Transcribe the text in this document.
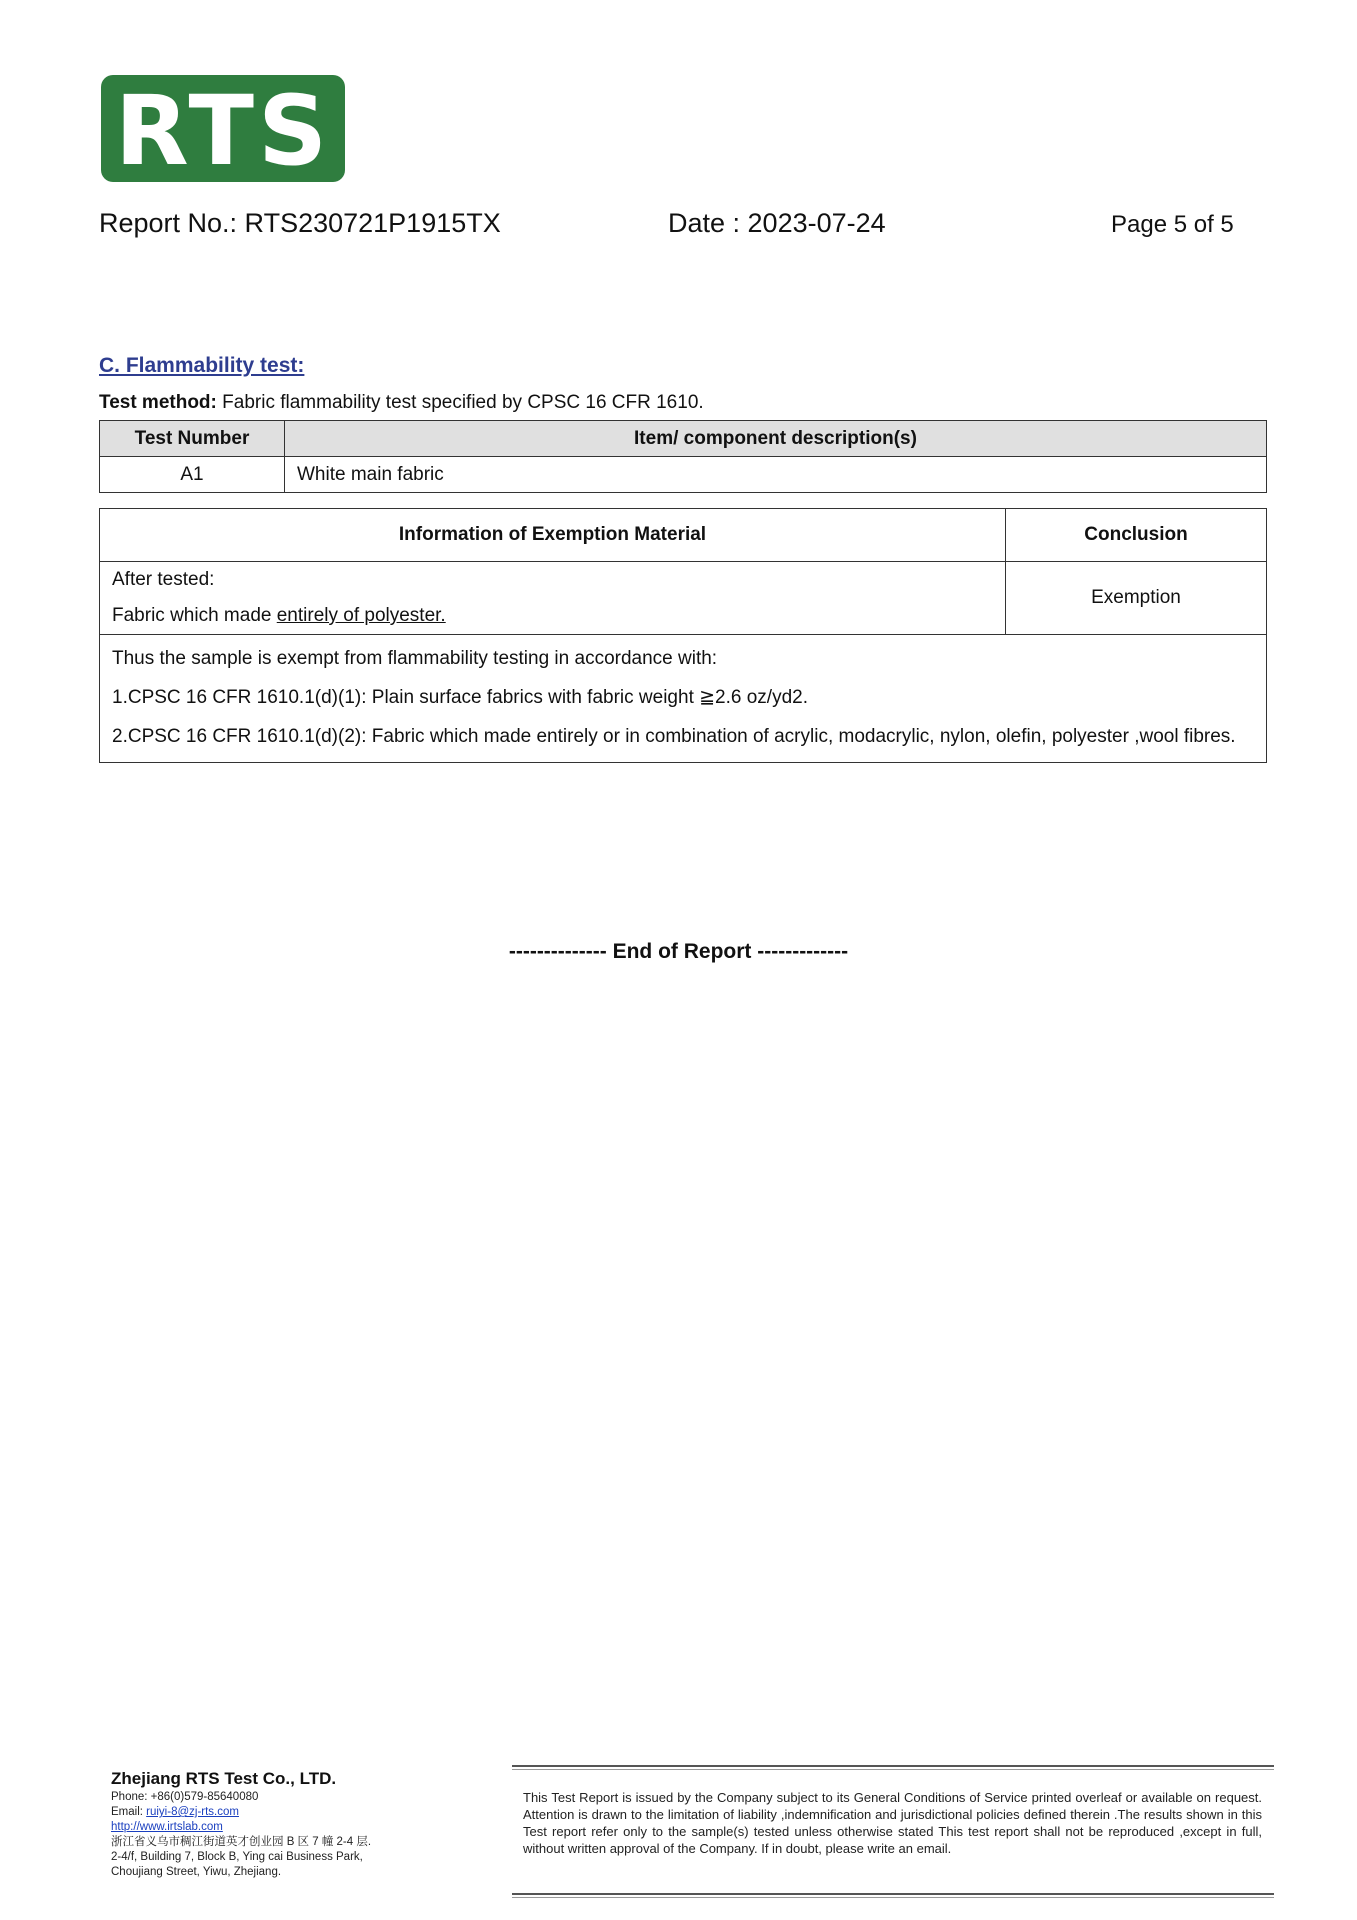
RTS
Report No.: RTS230721P1915TX	Date : 2023-07-24	Page 5 of 5
C. Flammability test:
Test method: Fabric flammability test specified by CPSC 16 CFR 1610.
Test Number	Item/ component description(s)
A1	White main fabric
Information of Exemption Material	Conclusion

After tested:
Fabric which made entirely of polyester.	Exemption

Thus the sample is exempt from flammability testing in accordance with:
1.CPSC 16 CFR 1610.1(d)(1): Plain surface fabrics with fabric weight ≧2.6 oz/yd2.
2.CPSC 16 CFR 1610.1(d)(2): Fabric which made entirely or in combination of acrylic, modacrylic, nylon, olefin, polyester ,wool fibres.	
-------------- End of Report -------------
Zhejiang RTS Test Co., LTD.
Phone: +86(0)579-85640080
Email: ruiyi-8@zj-rts.com
http://www.irtslab.com
浙江省义乌市稠江街道英才创业园 B 区 7 幢 2-4 层.
2-4/f, Building 7, Block B, Ying cai Business Park,
Choujiang Street, Yiwu, Zhejiang.
This Test Report is issued by the Company subject to its General Conditions of Service printed overleaf or available on request. Attention is drawn to the limitation of liability ,indemnification and jurisdictional policies defined therein .The results shown in this Test report refer only to the sample(s) tested unless otherwise stated This test report shall not be reproduced ,except in full, without written approval of the Company. If in doubt, please write an email.
